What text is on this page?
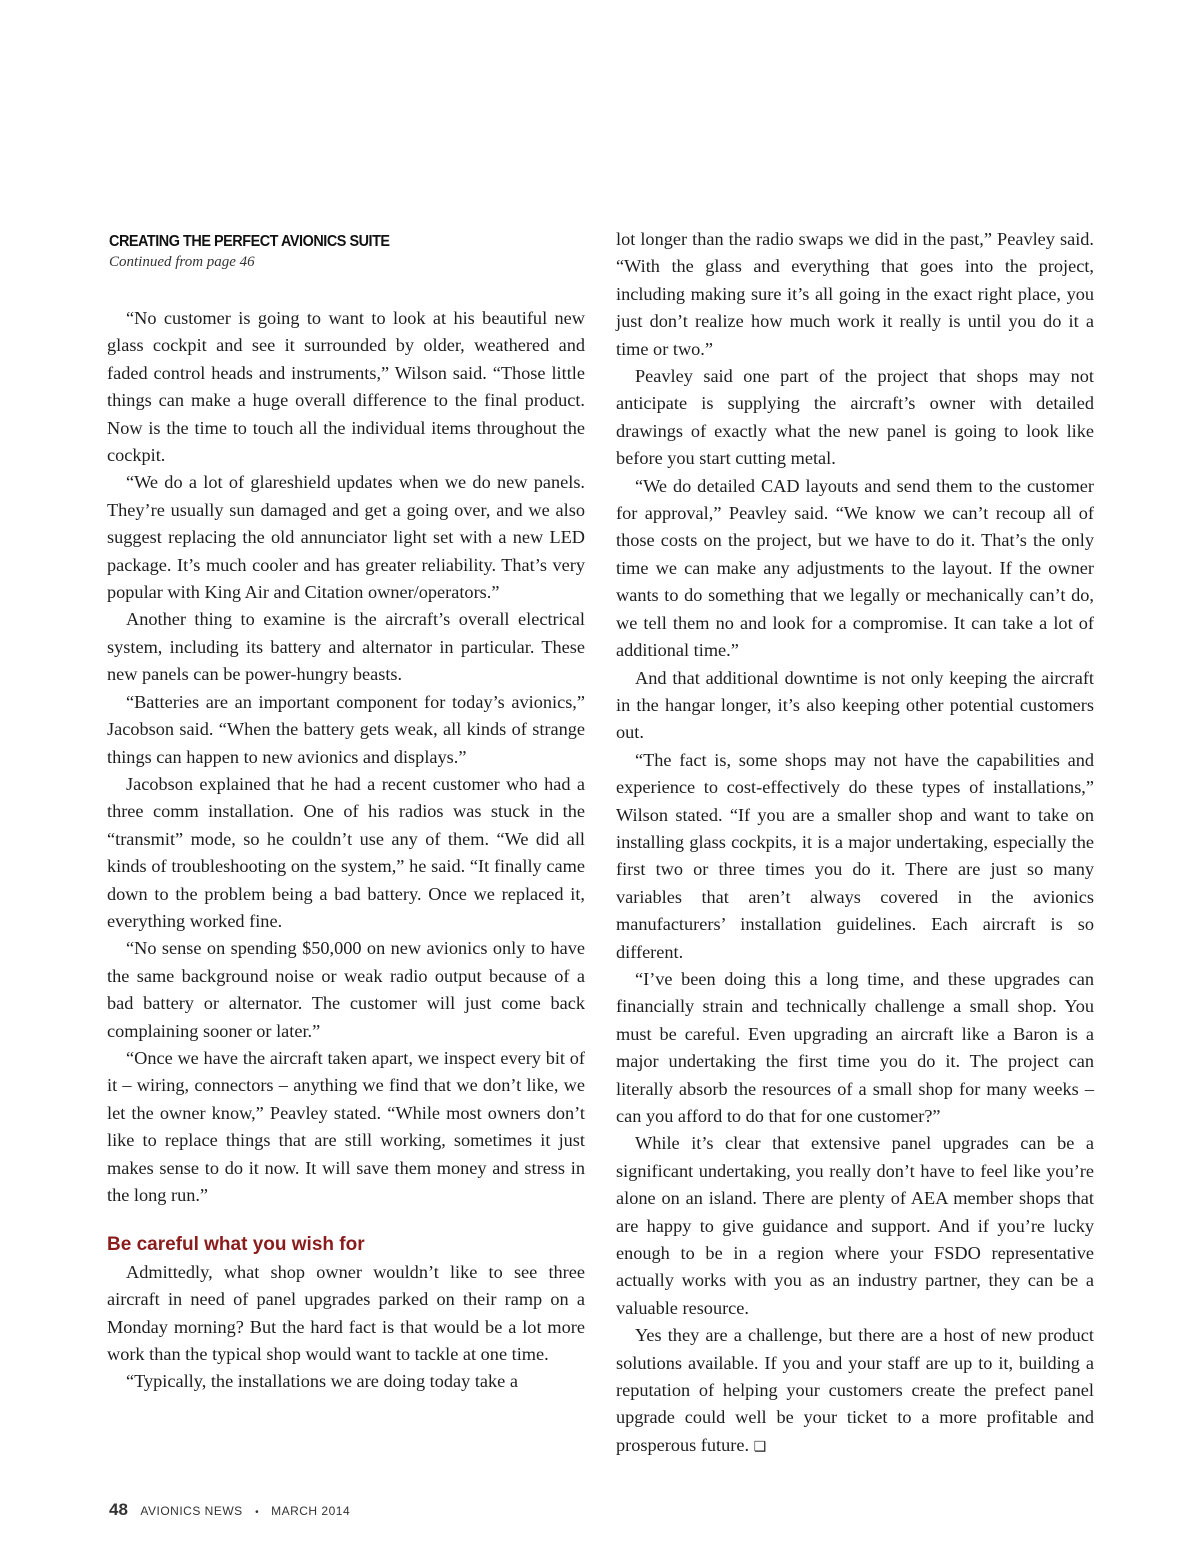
CREATING THE PERFECT AVIONICS SUITE
Continued from page 46

“No customer is going to want to look at his beautiful new glass cockpit and see it surrounded by older, weathered and faded control heads and instruments,” Wilson said. “Those little things can make a huge overall difference to the final product. Now is the time to touch all the individual items throughout the cockpit.

“We do a lot of glareshield updates when we do new panels. They’re usually sun damaged and get a going over, and we also suggest replacing the old annunciator light set with a new LED package. It’s much cooler and has greater reliability. That’s very popular with King Air and Citation owner/operators.”

Another thing to examine is the aircraft’s overall electrical system, including its battery and alternator in particular. These new panels can be power-hungry beasts.

“Batteries are an important component for today’s avionics,” Jacobson said. “When the battery gets weak, all kinds of strange things can happen to new avionics and displays.”

Jacobson explained that he had a recent customer who had a three comm installation. One of his radios was stuck in the “transmit” mode, so he couldn’t use any of them. “We did all kinds of troubleshooting on the system,” he said. “It finally came down to the problem being a bad battery. Once we replaced it, everything worked fine.

“No sense on spending $50,000 on new avionics only to have the same background noise or weak radio output because of a bad battery or alternator. The customer will just come back complaining sooner or later.”

“Once we have the aircraft taken apart, we inspect every bit of it – wiring, connectors – anything we find that we don’t like, we let the owner know,” Peavley stated. “While most owners don’t like to replace things that are still working, sometimes it just makes sense to do it now. It will save them money and stress in the long run.”

Be careful what you wish for

Admittedly, what shop owner wouldn’t like to see three aircraft in need of panel upgrades parked on their ramp on a Monday morning? But the hard fact is that would be a lot more work than the typical shop would want to tackle at one time.

“Typically, the installations we are doing today take a

lot longer than the radio swaps we did in the past,” Peavley said. “With the glass and everything that goes into the project, including making sure it’s all going in the exact right place, you just don’t realize how much work it really is until you do it a time or two.”

Peavley said one part of the project that shops may not anticipate is supplying the aircraft’s owner with detailed drawings of exactly what the new panel is going to look like before you start cutting metal.

“We do detailed CAD layouts and send them to the customer for approval,” Peavley said. “We know we can’t recoup all of those costs on the project, but we have to do it. That’s the only time we can make any adjustments to the layout. If the owner wants to do something that we legally or mechanically can’t do, we tell them no and look for a compromise. It can take a lot of additional time.”

And that additional downtime is not only keeping the aircraft in the hangar longer, it’s also keeping other potential customers out.

“The fact is, some shops may not have the capabilities and experience to cost-effectively do these types of installations,” Wilson stated. “If you are a smaller shop and want to take on installing glass cockpits, it is a major undertaking, especially the first two or three times you do it. There are just so many variables that aren’t always covered in the avionics manufacturers’ installation guidelines. Each aircraft is so different.

“I’ve been doing this a long time, and these upgrades can financially strain and technically challenge a small shop. You must be careful. Even upgrading an aircraft like a Baron is a major undertaking the first time you do it. The project can literally absorb the resources of a small shop for many weeks – can you afford to do that for one customer?”

While it’s clear that extensive panel upgrades can be a significant undertaking, you really don’t have to feel like you’re alone on an island. There are plenty of AEA member shops that are happy to give guidance and support. And if you’re lucky enough to be in a region where your FSDO representative actually works with you as an industry partner, they can be a valuable resource.

Yes they are a challenge, but there are a host of new product solutions available. If you and your staff are up to it, building a reputation of helping your customers create the prefect panel upgrade could well be your ticket to a more profitable and prosperous future. ❑

48 AVIONICS NEWS • MARCH 2014
